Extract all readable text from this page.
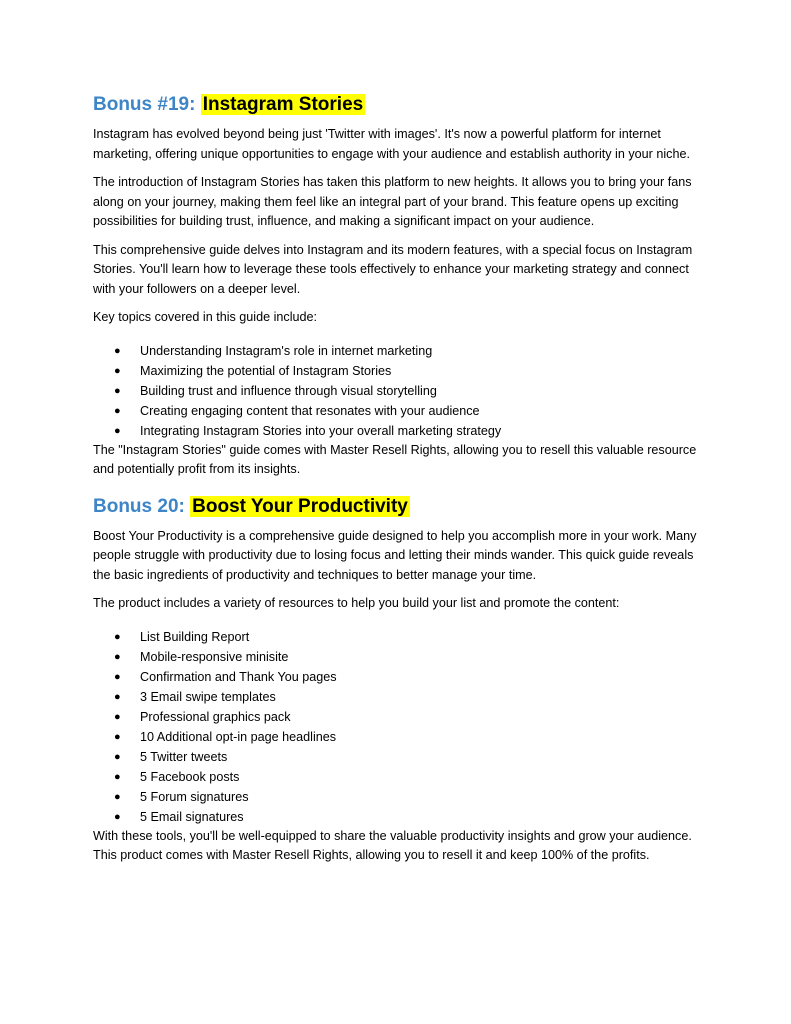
Bonus #19: Instagram Stories

Instagram has evolved beyond being just 'Twitter with images'. It's now a powerful platform for internet marketing, offering unique opportunities to engage with your audience and establish authority in your niche.

The introduction of Instagram Stories has taken this platform to new heights. It allows you to bring your fans along on your journey, making them feel like an integral part of your brand. This feature opens up exciting possibilities for building trust, influence, and making a significant impact on your audience.

This comprehensive guide delves into Instagram and its modern features, with a special focus on Instagram Stories. You'll learn how to leverage these tools effectively to enhance your marketing strategy and connect with your followers on a deeper level.

Key topics covered in this guide include:

● Understanding Instagram's role in internet marketing
● Maximizing the potential of Instagram Stories
● Building trust and influence through visual storytelling
● Creating engaging content that resonates with your audience
● Integrating Instagram Stories into your overall marketing strategy

The "Instagram Stories" guide comes with Master Resell Rights, allowing you to resell this valuable resource and potentially profit from its insights.

Bonus 20: Boost Your Productivity

Boost Your Productivity is a comprehensive guide designed to help you accomplish more in your work. Many people struggle with productivity due to losing focus and letting their minds wander. This quick guide reveals the basic ingredients of productivity and techniques to better manage your time.

The product includes a variety of resources to help you build your list and promote the content:

● List Building Report
● Mobile-responsive minisite
● Confirmation and Thank You pages
● 3 Email swipe templates
● Professional graphics pack
● 10 Additional opt-in page headlines
● 5 Twitter tweets
● 5 Facebook posts
● 5 Forum signatures
● 5 Email signatures

With these tools, you'll be well-equipped to share the valuable productivity insights and grow your audience. This product comes with Master Resell Rights, allowing you to resell it and keep 100% of the profits.
